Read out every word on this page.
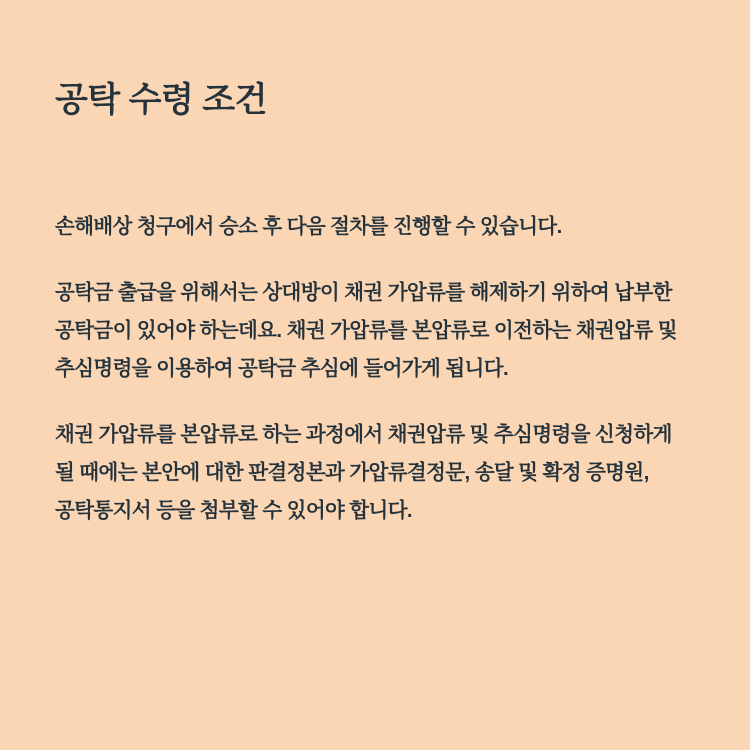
공탁 수령 조건

손해배상 청구에서 승소 후 다음 절차를 진행할 수 있습니다.

공탁금 출급을 위해서는 상대방이 채권 가압류를 해제하기 위하여 납부한 공탁금이 있어야 하는데요. 채권 가압류를 본압류로 이전하는 채권압류 및 추심명령을 이용하여 공탁금 추심에 들어가게 됩니다.

채권 가압류를 본압류로 하는 과정에서 채권압류 및 추심명령을 신청하게 될 때에는 본안에 대한 판결정본과 가압류결정문, 송달 및 확정 증명원, 공탁통지서 등을 첨부할 수 있어야 합니다.
